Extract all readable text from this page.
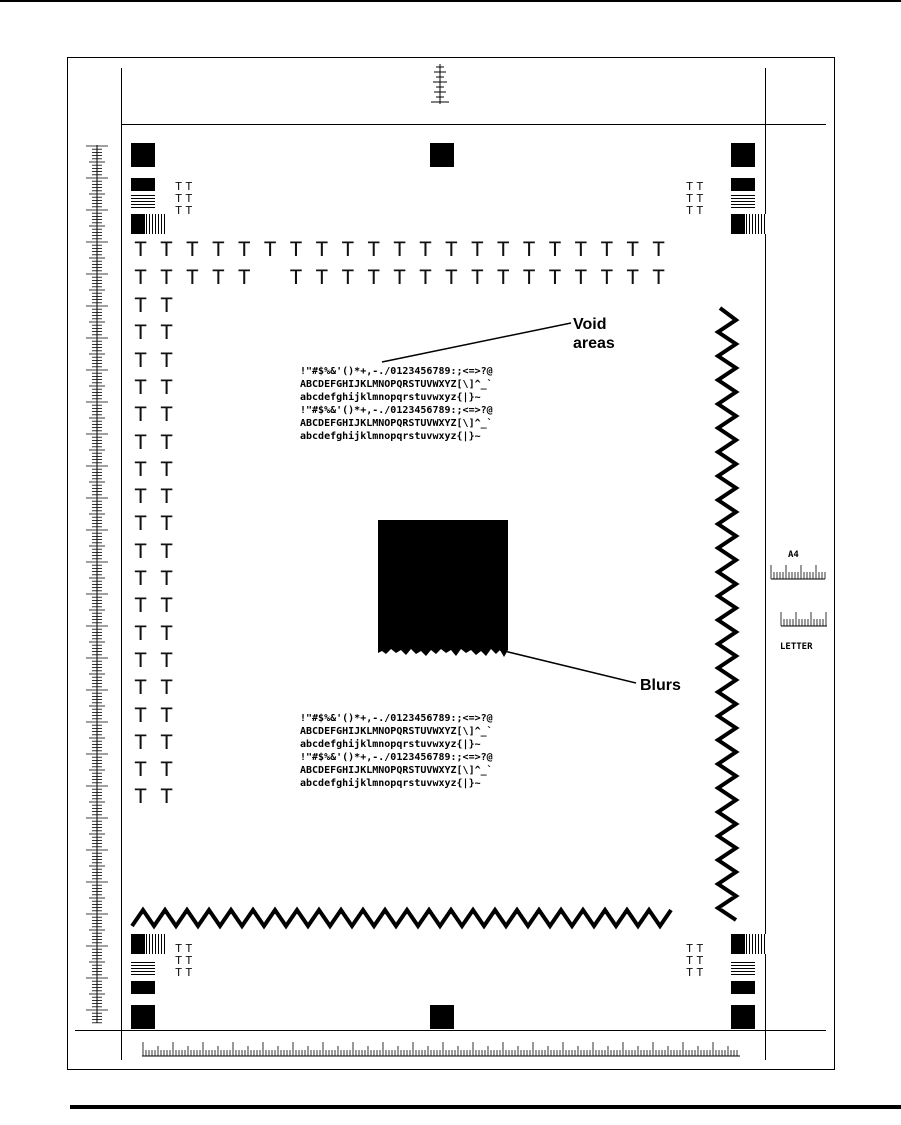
TT
TT
TT
TT
TT
TT
TT
TT
TT
TT
TT
TT
T T T T T T T T T T T T T T T T T T T T T
T T T T T T T T T T T T T T T T T T T T
T T
T T
T T
T T
T T
T T
T T
T T
T T
T T
T T
T T
T T
T T
T T
T T
T T
T T
T T
A4
LETTER
!"#$%&'()*+,-./0123456789:;<=>?@
ABCDEFGHIJKLMNOPQRSTUVWXYZ[\]^_`
abcdefghijklmnopqrstuvwxyz{|}~
!"#$%&'()*+,-./0123456789:;<=>?@
ABCDEFGHIJKLMNOPQRSTUVWXYZ[\]^_`
abcdefghijklmnopqrstuvwxyz{|}~
!"#$%&'()*+,-./0123456789:;<=>?@
ABCDEFGHIJKLMNOPQRSTUVWXYZ[\]^_`
abcdefghijklmnopqrstuvwxyz{|}~
!"#$%&'()*+,-./0123456789:;<=>?@
ABCDEFGHIJKLMNOPQRSTUVWXYZ[\]^_`
abcdefghijklmnopqrstuvwxyz{|}~
Void
areas
Blurs
